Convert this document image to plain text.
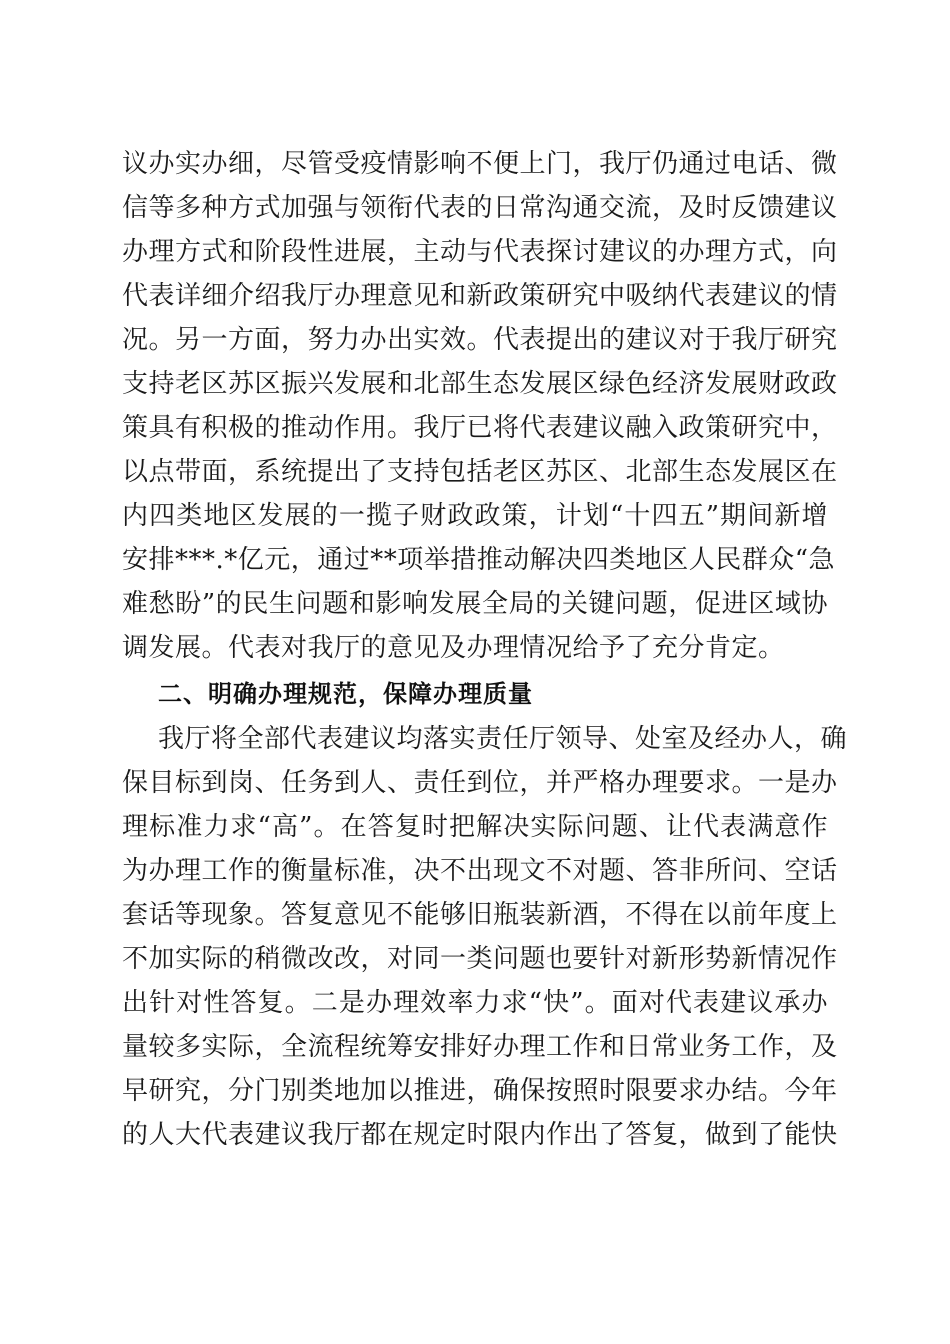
议办实办细，尽管受疫情影响不便上门，我厅仍通过电话、微
信等多种方式加强与领衔代表的日常沟通交流，及时反馈建议
办理方式和阶段性进展，主动与代表探讨建议的办理方式，向
代表详细介绍我厅办理意见和新政策研究中吸纳代表建议的情
况。另一方面，努力办出实效。代表提出的建议对于我厅研究
支持老区苏区振兴发展和北部生态发展区绿色经济发展财政政
策具有积极的推动作用。我厅已将代表建议融入政策研究中，
以点带面，系统提出了支持包括老区苏区、北部生态发展区在
内四类地区发展的一揽子财政政策，计划“十四五”期间新增
安排***.*亿元，通过**项举措推动解决四类地区人民群众“急
难愁盼”的民生问题和影响发展全局的关键问题，促进区域协
调发展。代表对我厅的意见及办理情况给予了充分肯定。
二、明确办理规范，保障办理质量
我厅将全部代表建议均落实责任厅领导、处室及经办人，确
保目标到岗、任务到人、责任到位，并严格办理要求。一是办
理标准力求“高”。在答复时把解决实际问题、让代表满意作
为办理工作的衡量标准，决不出现文不对题、答非所问、空话
套话等现象。答复意见不能够旧瓶装新酒，不得在以前年度上
不加实际的稍微改改，对同一类问题也要针对新形势新情况作
出针对性答复。二是办理效率力求“快”。面对代表建议承办
量较多实际，全流程统筹安排好办理工作和日常业务工作，及
早研究，分门别类地加以推进，确保按照时限要求办结。今年
的人大代表建议我厅都在规定时限内作出了答复，做到了能快
